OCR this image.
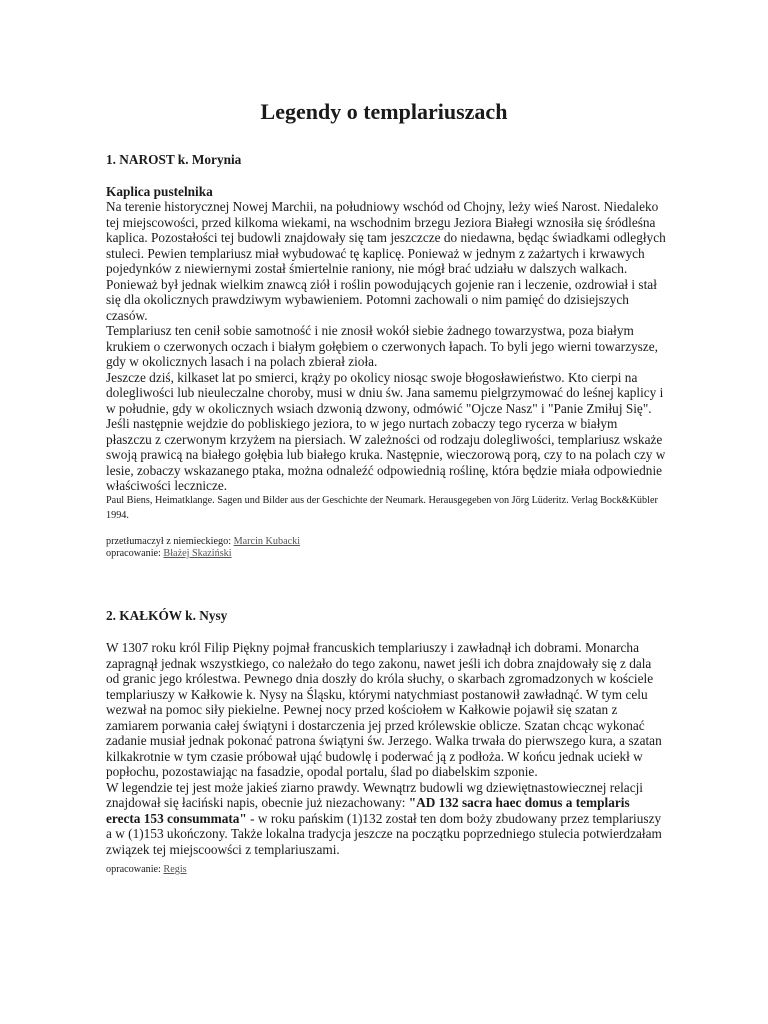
Legendy o templariuszach
1. NAROST k. Morynia
Kaplica pustelnika

Na terenie historycznej Nowej Marchii, na południowy wschód od Chojny, leży wieś Narost. Niedaleko tej miejscowości, przed kilkoma wiekami, na wschodnim brzegu Jeziora Białegi wznosiła się śródleśna kaplica. Pozostałości tej budowli znajdowały się tam jeszczcze do niedawna, będąc świadkami odległych stuleci. Pewien templariusz miał wybudować tę kaplicę. Ponieważ w jednym z zażartych i krwawych pojedynków z niewiernymi został śmiertelnie raniony, nie mógł brać udziału w dalszych walkach. Ponieważ był jednak wielkim znawcą ziół i roślin powodujących gojenie ran i leczenie, ozdrowiał i stał się dla okolicznych prawdziwym wybawieniem. Potomni zachowali o nim pamięć do dzisiejszych czasów.

Templariusz ten cenił sobie samotność i nie znosił wokół siebie żadnego towarzystwa, poza białym krukiem o czerwonych oczach i białym gołębiem o czerwonych łapach. To byli jego wierni towarzysze, gdy w okolicznych lasach i na polach zbierał zioła.

Jeszcze dziś, kilkaset lat po smierci, krąży po okolicy niosąc swoje błogosławieństwo. Kto cierpi na dolegliwości lub nieuleczalne choroby, musi w dniu św. Jana samemu pielgrzymować do leśnej kaplicy i w południe, gdy w okolicznych wsiach dzwonią dzwony, odmówić "Ojcze Nasz" i "Panie Zmiłuj Się". Jeśli następnie wejdzie do pobliskiego jeziora, to w jego nurtach zobaczy tego rycerza w białym płaszczu z czerwonym krzyżem na piersiach. W zależności od rodzaju dolegliwości, templariusz wskaże swoją prawicą na białego gołębia lub białego kruka. Następnie, wieczorową porą, czy to na polach czy w lesie, zobaczy wskazanego ptaka, można odnaleźć odpowiednią roślinę, która będzie miała odpowiednie właściwości lecznicze.

Paul Biens, Heimatklange. Sagen und Bilder aus der Geschichte der Neumark. Herausgegeben von Jörg Lüderitz. Verlag Bock&Kübler 1994.
przetłumaczył z niemieckiego: Marcin Kubacki
opracowanie: Błażej Skaziński
2. KAŁKÓW k. Nysy

W 1307 roku król Filip Piękny pojmał francuskich templariuszy i zawładnął ich dobrami. Monarcha zapragnął jednak wszystkiego, co należało do tego zakonu, nawet jeśli ich dobra znajdowały się z dala od granic jego królestwa. Pewnego dnia doszły do króla słuchy, o skarbach zgromadzonych w kościele templariuszy w Kałkowie k. Nysy na Śląsku, którymi natychmiast postanowił zawładnąć. W tym celu wezwał na pomoc siły piekielne. Pewnej nocy przed kościołem w Kałkowie pojawił się szatan z zamiarem porwania całej świątyni i dostarczenia jej przed królewskie oblicze. Szatan chcąc wykonać zadanie musiał jednak pokonać patrona świątyni św. Jerzego. Walka trwała do pierwszego kura, a szatan kilkakrotnie w tym czasie próbował ująć budowlę i poderwać ją z podłoża. W końcu jednak uciekł w popłochu, pozostawiając na fasadzie, opodal portalu, ślad po diabelskim szponie.

W legendzie tej jest może jakieś ziarno prawdy. Wewnątrz budowli wg dziewiętnastowiecznej relacji znajdował się łaciński napis, obecnie już niezachowany: "AD 132 sacra haec domus a templaris erecta 153 consummata" - w roku pańskim (1)132 został ten dom boży zbudowany przez templariuszy a w (1)153 ukończony. Także lokalna tradycja jeszcze na początku poprzedniego stulecia potwierdzałam związek tej miejscoowści z templariuszami.

opracowanie: Regis
